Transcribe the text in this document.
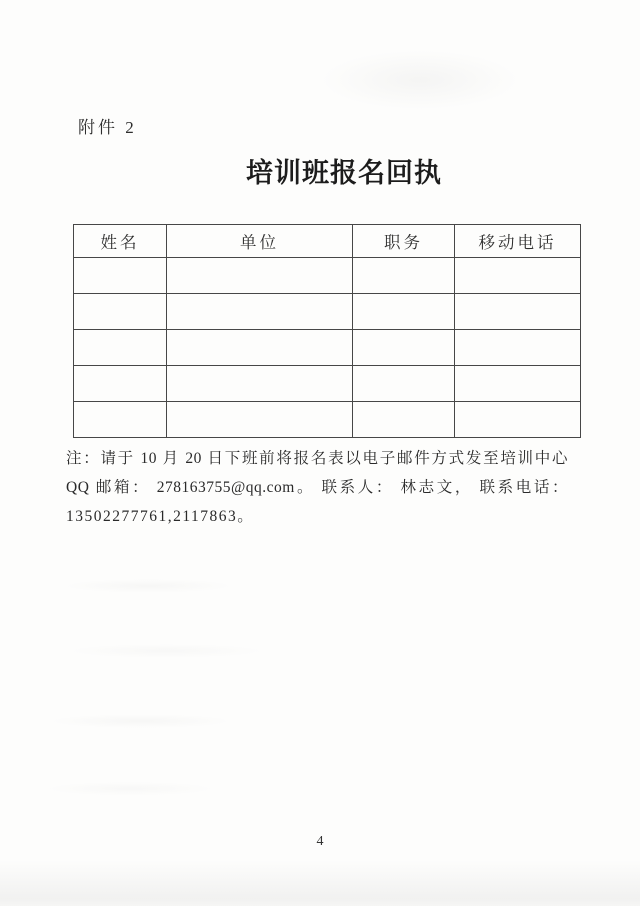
附件 2
培训班报名回执
姓名	单位	职务	移动电话

注：请于 10 月 20 日下班前将报名表以电子邮件方式发至培训中心
QQ 邮箱： 278163755@qq.com。 联系人： 林志文， 联系电话：
13502277761,2117863。
4
